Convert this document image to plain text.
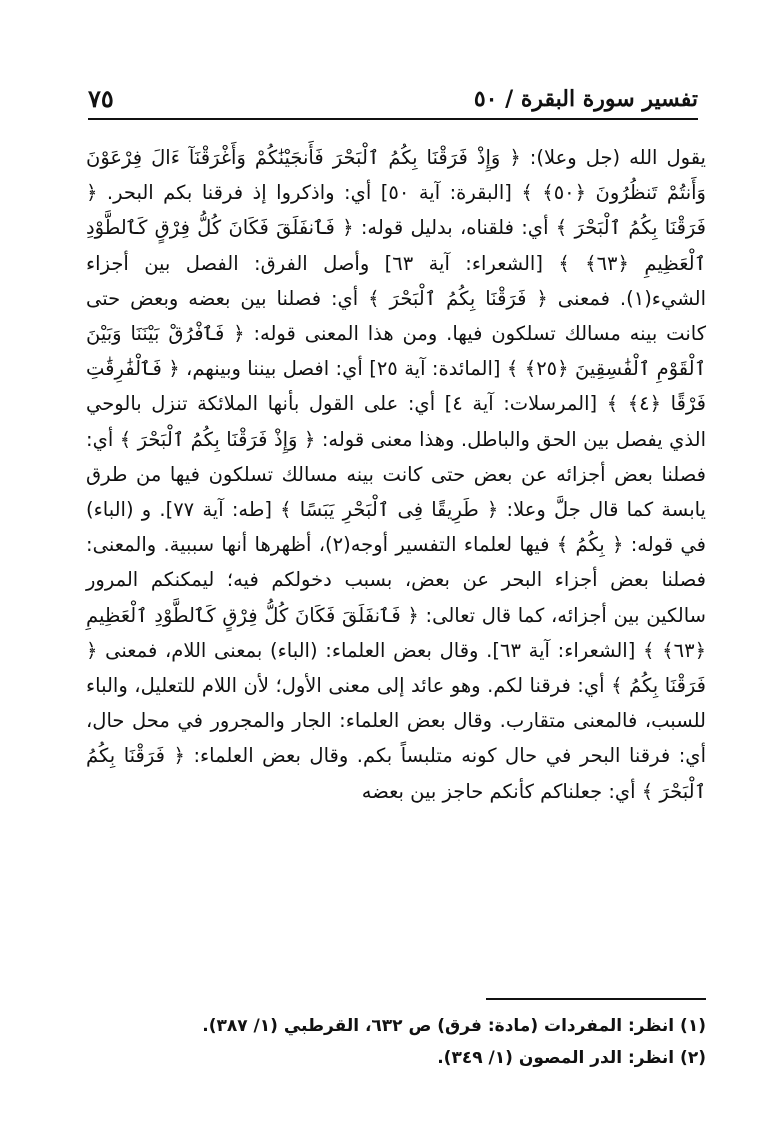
تفسير سورة البقرة / ٥٠
٧٥

يقول الله (جل وعلا): ﴿ وَإِذْ فَرَقْنَا بِكُمُ ٱلْبَحْرَ فَأَنجَيْنَٰكُمْ وَأَغْرَقْنَآ ءَالَ فِرْعَوْنَ وَأَنتُمْ تَنظُرُونَ ﴿٥٠﴾ ﴾ [البقرة: آية ٥٠] أي: واذكروا إذ فرقنا بكم البحر. ﴿ فَرَقْنَا بِكُمُ ٱلْبَحْرَ ﴾ أي: فلقناه، بدليل قوله: ﴿ فَٱنفَلَقَ فَكَانَ كُلُّ فِرْقٍ كَٱلطَّوْدِ ٱلْعَظِيمِ ﴿٦٣﴾ ﴾ [الشعراء: آية ٦٣] وأصل الفرق: الفصل بين أجزاء الشيء(١). فمعنى ﴿ فَرَقْنَا بِكُمُ ٱلْبَحْرَ ﴾ أي: فصلنا بين بعضه وبعض حتى كانت بينه مسالك تسلكون فيها. ومن هذا المعنى قوله: ﴿ فَٱفْرُقْ بَيْنَنَا وَبَيْنَ ٱلْقَوْمِ ٱلْفَٰسِقِينَ ﴿٢٥﴾ ﴾ [المائدة: آية ٢٥] أي: افصل بيننا وبينهم، ﴿ فَٱلْفَٰرِقَٰتِ فَرْقًا ﴿٤﴾ ﴾ [المرسلات: آية ٤] أي: على القول بأنها الملائكة تنزل بالوحي الذي يفصل بين الحق والباطل. وهذا معنى قوله: ﴿ وَإِذْ فَرَقْنَا بِكُمُ ٱلْبَحْرَ ﴾ أي: فصلنا بعض أجزائه عن بعض حتى كانت بينه مسالك تسلكون فيها من طرق يابسة كما قال جلَّ وعلا: ﴿ طَرِيقًا فِى ٱلْبَحْرِ يَبَسًا ﴾ [طه: آية ٧٧]. و (الباء) في قوله: ﴿ بِكُمُ ﴾ فيها لعلماء التفسير أوجه(٢)، أظهرها أنها سببية. والمعنى: فصلنا بعض أجزاء البحر عن بعض، بسبب دخولكم فيه؛ ليمكنكم المرور سالكين بين أجزائه، كما قال تعالى: ﴿ فَٱنفَلَقَ فَكَانَ كُلُّ فِرْقٍ كَٱلطَّوْدِ ٱلْعَظِيمِ ﴿٦٣﴾ ﴾ [الشعراء: آية ٦٣]. وقال بعض العلماء: (الباء) بمعنى اللام، فمعنى ﴿ فَرَقْنَا بِكُمُ ﴾ أي: فرقنا لكم. وهو عائد إلى معنى الأول؛ لأن اللام للتعليل، والباء للسبب، فالمعنى متقارب. وقال بعض العلماء: الجار والمجرور في محل حال، أي: فرقنا البحر في حال كونه متلبساً بكم. وقال بعض العلماء: ﴿ فَرَقْنَا بِكُمُ ٱلْبَحْرَ ﴾ أي: جعلناكم كأنكم حاجز بين بعضه

(١) انظر: المفردات (مادة: فرق) ص ٦٣٢، القرطبي (١/ ٣٨٧).

(٢) انظر: الدر المصون (١/ ٣٤٩).
